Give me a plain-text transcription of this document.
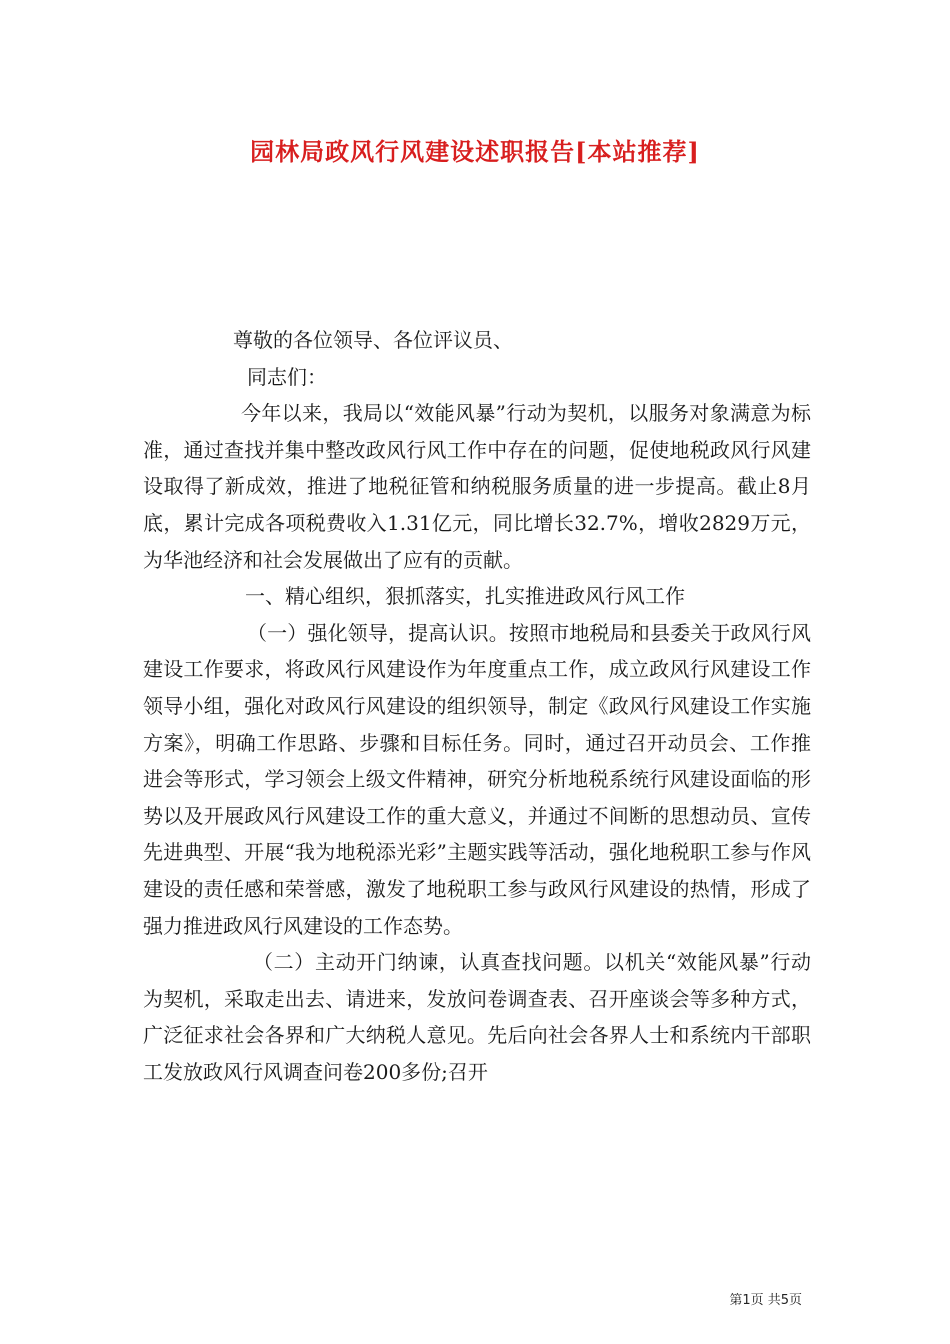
园林局政风行风建设述职报告[本站推荐]

尊敬的各位领导、各位评议员、

同志们：

今年以来，我局以“效能风暴”行动为契机，以服务对象满意为标准，通过查找并集中整改政风行风工作中存在的问题，促使地税政风行风建设取得了新成效，推进了地税征管和纳税服务质量的进一步提高。截止8月底，累计完成各项税费收入1.31亿元，同比增长32.7%，增收2829万元，为华池经济和社会发展做出了应有的贡献。

一、精心组织，狠抓落实，扎实推进政风行风工作

（一）强化领导，提高认识。按照市地税局和县委关于政风行风建设工作要求，将政风行风建设作为年度重点工作，成立政风行风建设工作领导小组，强化对政风行风建设的组织领导，制定《政风行风建设工作实施方案》，明确工作思路、步骤和目标任务。同时，通过召开动员会、工作推进会等形式，学习领会上级文件精神，研究分析地税系统行风建设面临的形势以及开展政风行风建设工作的重大意义，并通过不间断的思想动员、宣传先进典型、开展“我为地税添光彩”主题实践等活动，强化地税职工参与作风建设的责任感和荣誉感，激发了地税职工参与政风行风建设的热情，形成了强力推进政风行风建设的工作态势。

（二）主动开门纳谏，认真查找问题。以机关“效能风暴”行动为契机，采取走出去、请进来，发放问卷调查表、召开座谈会等多种方式，广泛征求社会各界和广大纳税人意见。先后向社会各界人士和系统内干部职工发放政风行风调查问卷200多份;召开

第1页 共5页
